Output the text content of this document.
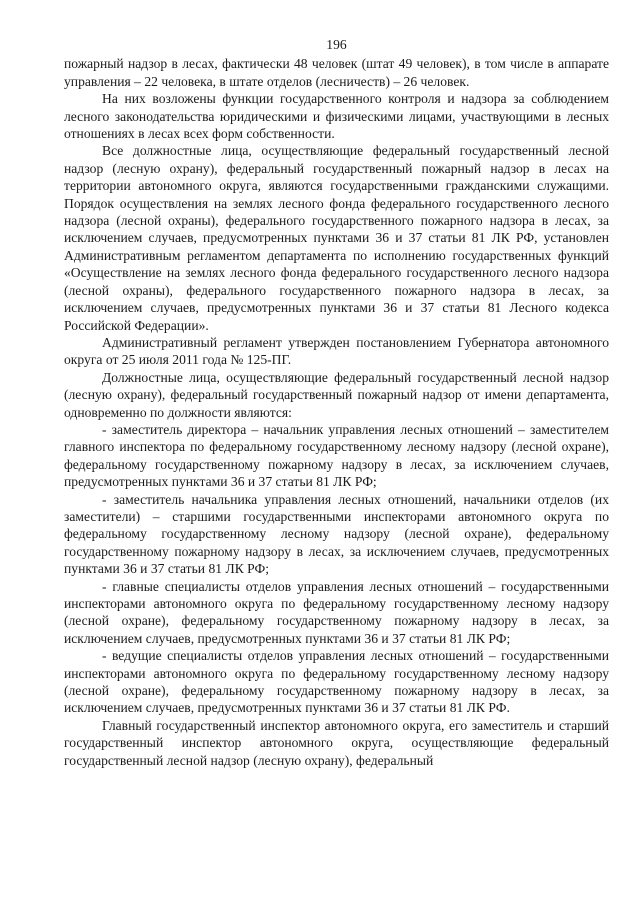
196

пожарный надзор в лесах, фактически 48 человек (штат 49 человек), в том числе в аппарате управления – 22 человека, в штате отделов (лесничеств) – 26 человек.

На них возложены функции государственного контроля и надзора за соблюдением лесного законодательства юридическими и физическими лицами, участвующими в лесных отношениях в лесах всех форм собственности.

Все должностные лица, осуществляющие федеральный государственный лесной надзор (лесную охрану), федеральный государственный пожарный надзор в лесах на территории автономного округа, являются государственными гражданскими служащими. Порядок осуществления на землях лесного фонда федерального государственного лесного надзора (лесной охраны), федерального государственного пожарного надзора в лесах, за исключением случаев, предусмотренных пунктами 36 и 37 статьи 81 ЛК РФ, установлен Административным регламентом департамента по исполнению государственных функций «Осуществление на землях лесного фонда федерального государственного лесного надзора (лесной охраны), федерального государственного пожарного надзора в лесах, за исключением случаев, предусмотренных пунктами 36 и 37 статьи 81 Лесного кодекса Российской Федерации».

Административный регламент утвержден постановлением Губернатора автономного округа от 25 июля 2011 года № 125-ПГ.

Должностные лица, осуществляющие федеральный государственный лесной надзор (лесную охрану), федеральный государственный пожарный надзор от имени департамента, одновременно по должности являются:

- заместитель директора – начальник управления лесных отношений – заместителем главного инспектора по федеральному государственному лесному надзору (лесной охране), федеральному государственному пожарному надзору в лесах, за исключением случаев, предусмотренных пунктами 36 и 37 статьи 81 ЛК РФ;

- заместитель начальника управления лесных отношений, начальники отделов (их заместители) – старшими государственными инспекторами автономного округа по федеральному государственному лесному надзору (лесной охране), федеральному государственному пожарному надзору в лесах, за исключением случаев, предусмотренных пунктами 36 и 37 статьи 81 ЛК РФ;

- главные специалисты отделов управления лесных отношений – государственными инспекторами автономного округа по федеральному государственному лесному надзору (лесной охране), федеральному государственному пожарному надзору в лесах, за исключением случаев, предусмотренных пунктами 36 и 37 статьи 81 ЛК РФ;

- ведущие специалисты отделов управления лесных отношений – государственными инспекторами автономного округа по федеральному государственному лесному надзору (лесной охране), федеральному государственному пожарному надзору в лесах, за исключением случаев, предусмотренных пунктами 36 и 37 статьи 81 ЛК РФ.

Главный государственный инспектор автономного округа, его заместитель и старший государственный инспектор автономного округа, осуществляющие федеральный государственный лесной надзор (лесную охрану), федеральный
